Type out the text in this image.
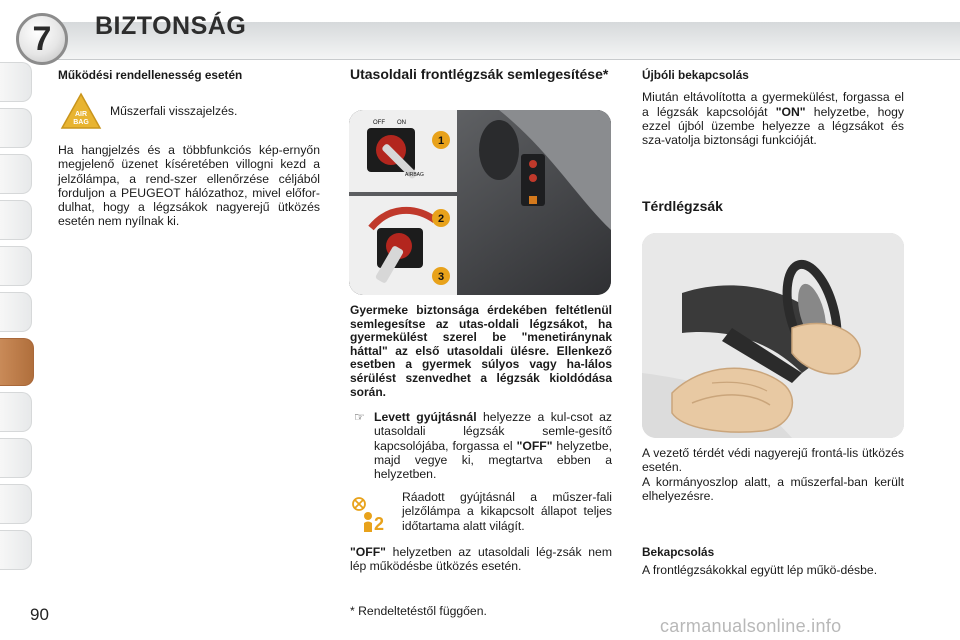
7 BIZTONSÁG
Működési rendellenesség esetén
AIR
BAG
Műszerfali visszajelzés.
Ha hangjelzés és a többfunkciós kép-ernyőn megjelenő üzenet kíséretében villogni kezd a jelzőlámpa, a rend-szer ellenőrzése céljából forduljon a PEUGEOT hálózathoz, mivel előfor-dulhat, hogy a légzsákok nagyerejű ütközés esetén nem nyílnak ki.
Utasoldali frontlégzsák semlegesítése*
OFF ON
AIRBAG
1
2
3
Gyermeke biztonsága érdekében feltétlenül semlegesítse az utas-oldali légzsákot, ha gyermekülést szerel be "menetiránynak háttal" az első utasoldali ülésre. Ellenkező esetben a gyermek súlyos vagy ha-lálos sérülést szenvedhet a légzsák kioldódása során.
☞ Levett gyújtásnál helyezze a kul-csot az utasoldali légzsák semle-gesítő kapcsolójába, forgassa el "OFF" helyzetbe, majd vegye ki, megtartva ebben a helyzetben.
2
Ráadott gyújtásnál a műszer-fali jelzőlámpa a kikapcsolt állapot teljes időtartama alatt világít.
"OFF" helyzetben az utasoldali lég-zsák nem lép működésbe ütközés esetén.
* Rendeltetéstől függően.
Újbóli bekapcsolás

Miután eltávolította a gyermekülést, forgassa el a légzsák kapcsolóját "ON" helyzetbe, hogy ezzel újból üzembe helyezze a légzsákot és sza-vatolja biztonsági funkcióját.

Térdlégzsák

A vezető térdét védi nagyerejű frontá-lis ütközés esetén.

A kormányoszlop alatt, a műszerfal-ban került elhelyezésre.

Bekapcsolás
A frontlégzsákokkal együtt lép műkö-désbe.
90
carmanualsonline.info
